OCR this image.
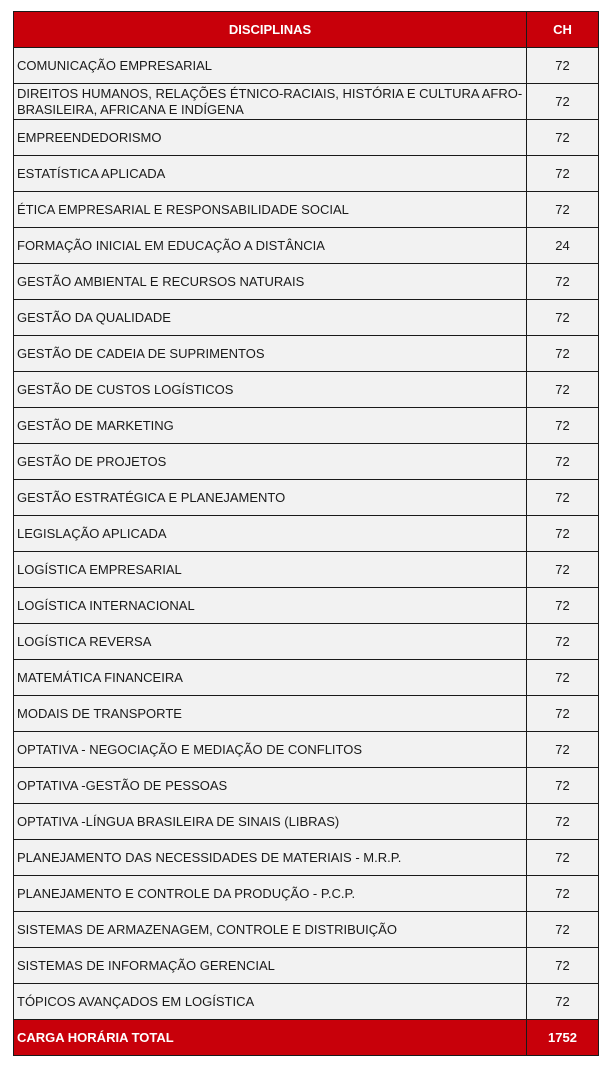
DISCIPLINAS	CH
COMUNICAÇÃO EMPRESARIAL	72
DIREITOS HUMANOS, RELAÇÕES ÉTNICO-RACIAIS, HISTÓRIA E CULTURA AFRO-BRASILEIRA, AFRICANA E INDÍGENA	72
EMPREENDEDORISMO	72
ESTATÍSTICA APLICADA	72
ÉTICA EMPRESARIAL E RESPONSABILIDADE SOCIAL	72
FORMAÇÃO INICIAL EM EDUCAÇÃO A DISTÂNCIA	24
GESTÃO AMBIENTAL E RECURSOS NATURAIS	72
GESTÃO DA QUALIDADE	72
GESTÃO DE CADEIA DE SUPRIMENTOS	72
GESTÃO DE CUSTOS LOGÍSTICOS	72
GESTÃO DE MARKETING	72
GESTÃO DE PROJETOS	72
GESTÃO ESTRATÉGICA E PLANEJAMENTO	72
LEGISLAÇÃO APLICADA	72
LOGÍSTICA EMPRESARIAL	72
LOGÍSTICA INTERNACIONAL	72
LOGÍSTICA REVERSA	72
MATEMÁTICA FINANCEIRA	72
MODAIS DE TRANSPORTE	72
OPTATIVA - NEGOCIAÇÃO E MEDIAÇÃO DE CONFLITOS	72
OPTATIVA -GESTÃO DE PESSOAS	72
OPTATIVA -LÍNGUA BRASILEIRA DE SINAIS (LIBRAS)	72
PLANEJAMENTO DAS NECESSIDADES DE MATERIAIS - M.R.P.	72
PLANEJAMENTO E CONTROLE DA PRODUÇÃO - P.C.P.	72
SISTEMAS DE ARMAZENAGEM, CONTROLE E DISTRIBUIÇÃO	72
SISTEMAS DE INFORMAÇÃO GERENCIAL	72
TÓPICOS AVANÇADOS EM LOGÍSTICA	72
CARGA HORÁRIA TOTAL	1752
